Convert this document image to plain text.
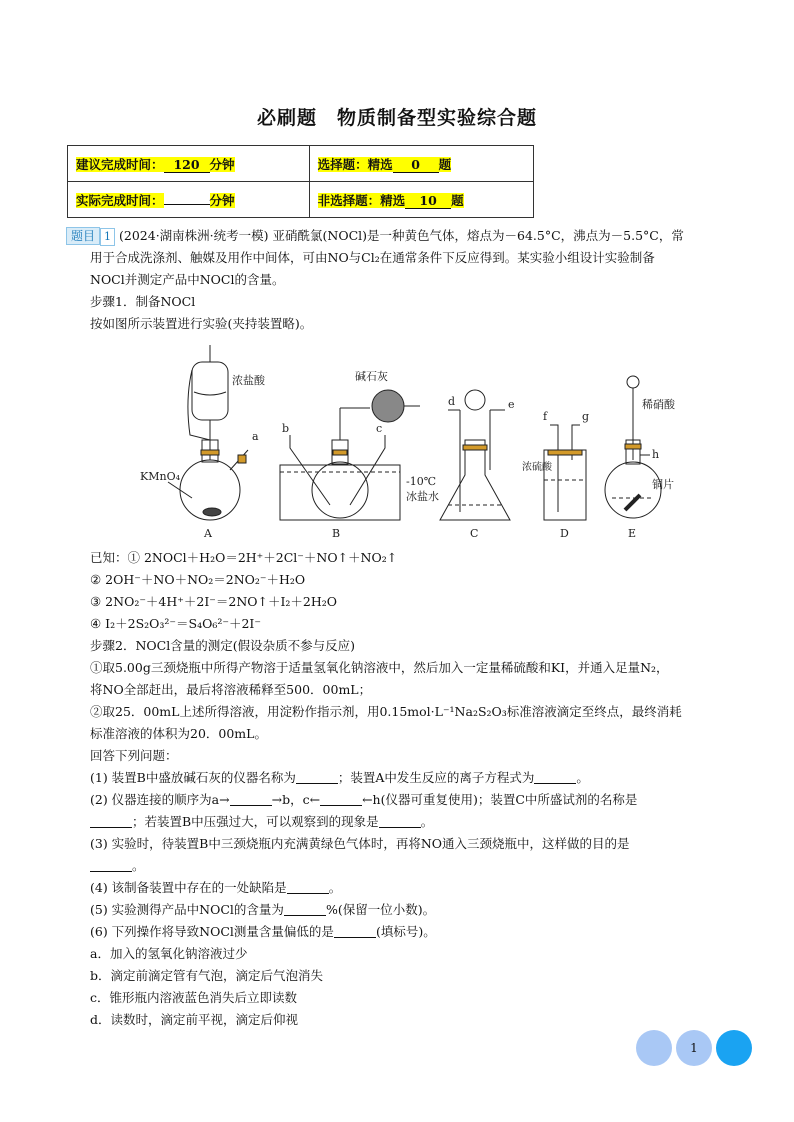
必刷题　物质制备型实验综合题
建议完成时间： 120 分钟	选择题：精选 0 题
实际完成时间： 分钟	非选择题：精选 10 题
题目 1 (2024·湖南株洲·统考一模) 亚硝酰氯(NOCl)是一种黄色气体，熔点为－64.5°C，沸点为－5.5°C，常
用于合成洗涤剂、触媒及用作中间体，可由NO与Cl₂在通常条件下反应得到。某实验小组设计实验制备
NOCl并测定产品中NOCl的含量。
步骤1．制备NOCl
按如图所示装置进行实验(夹持装置略)。
已知：① 2NOCl＋H₂O＝2H⁺＋2Cl⁻＋NO↑＋NO₂↑
② 2OH⁻＋NO＋NO₂＝2NO₂⁻＋H₂O
③ 2NO₂⁻＋4H⁺＋2I⁻＝2NO↑＋I₂＋2H₂O
④ I₂＋2S₂O₃²⁻＝S₄O₆²⁻＋2I⁻
步骤2．NOCl含量的测定(假设杂质不参与反应)
①取5.00g三颈烧瓶中所得产物溶于适量氢氧化钠溶液中，然后加入一定量稀硫酸和KI，并通入足量N₂，
将NO全部赶出，最后将溶液稀释至500．00mL；
②取25．00mL上述所得溶液，用淀粉作指示剂，用0.15mol·L⁻¹Na₂S₂O₃标准溶液滴定至终点，最终消耗
标准溶液的体积为20．00mL。
回答下列问题：
(1) 装置B中盛放碱石灰的仪器名称为	；装置A中发生反应的离子方程式为	。
(2) 仪器连接的顺序为a→	→b，c←	←h(仪器可重复使用)；装置C中所盛试剂的名称是
；若装置B中压强过大，可以观察到的现象是	。
(3) 实验时，待装置B中三颈烧瓶内充满黄绿色气体时，再将NO通入三颈烧瓶中，这样做的目的是
。
(4) 该制备装置中存在的一处缺陷是	。
(5) 实验测得产品中NOCl的含量为	%(保留一位小数)。
(6) 下列操作将导致NOCl测量含量偏低的是	(填标号)。
a．加入的氢氧化钠溶液过少
b．滴定前滴定管有气泡，滴定后气泡消失
c．锥形瓶内溶液蓝色消失后立即读数
d．读数时，滴定前平视，滴定后仰视
浓盐酸
a
KMnO₄
A
碱石灰
b	c
-10℃
冰盐水
B
d	e
C
f	g
浓硫酸
D
稀硝酸
h
铜片
E
1
